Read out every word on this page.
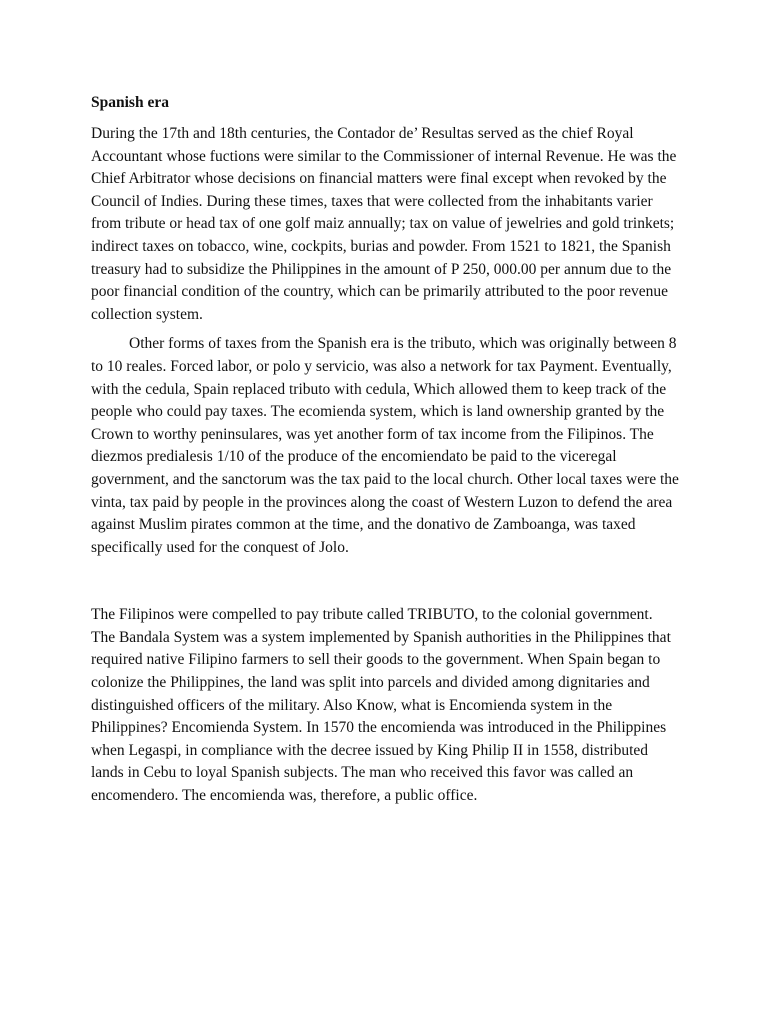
Spanish era

During the 17th and 18th centuries, the Contador de’ Resultas served as the chief Royal Accountant whose fuctions were similar to the Commissioner of internal Revenue. He was the Chief Arbitrator whose decisions on financial matters were final except when revoked by the Council of Indies. During these times, taxes that were collected from the inhabitants varier from tribute or head tax of one golf maiz annually; tax on value of jewelries and gold trinkets; indirect taxes on tobacco, wine, cockpits, burias and powder. From 1521 to 1821, the Spanish treasury had to subsidize the Philippines in the amount of P 250, 000.00 per annum due to the poor financial condition of the country, which can be primarily attributed to the poor revenue collection system.

Other forms of taxes from the Spanish era is the tributo, which was originally between 8 to 10 reales. Forced labor, or polo y servicio, was also a network for tax Payment. Eventually, with the cedula, Spain replaced tributo with cedula, Which allowed them to keep track of the people who could pay taxes. The ecomienda system, which is land ownership granted by the Crown to worthy peninsulares, was yet another form of tax income from the Filipinos. The diezmos predialesis 1/10 of the produce of the encomiendato be paid to the viceregal government, and the sanctorum was the tax paid to the local church. Other local taxes were the vinta, tax paid by people in the provinces along the coast of Western Luzon to defend the area against Muslim pirates common at the time, and the donativo de Zamboanga, was taxed specifically used for the conquest of Jolo.

The Filipinos were compelled to pay tribute called TRIBUTO, to the colonial government. The Bandala System was a system implemented by Spanish authorities in the Philippines that required native Filipino farmers to sell their goods to the government. When Spain began to colonize the Philippines, the land was split into parcels and divided among dignitaries and distinguished officers of the military. Also Know, what is Encomienda system in the Philippines? Encomienda System. In 1570 the encomienda was introduced in the Philippines when Legaspi, in compliance with the decree issued by King Philip II in 1558, distributed lands in Cebu to loyal Spanish subjects. The man who received this favor was called an encomendero. The encomienda was, therefore, a public office.
